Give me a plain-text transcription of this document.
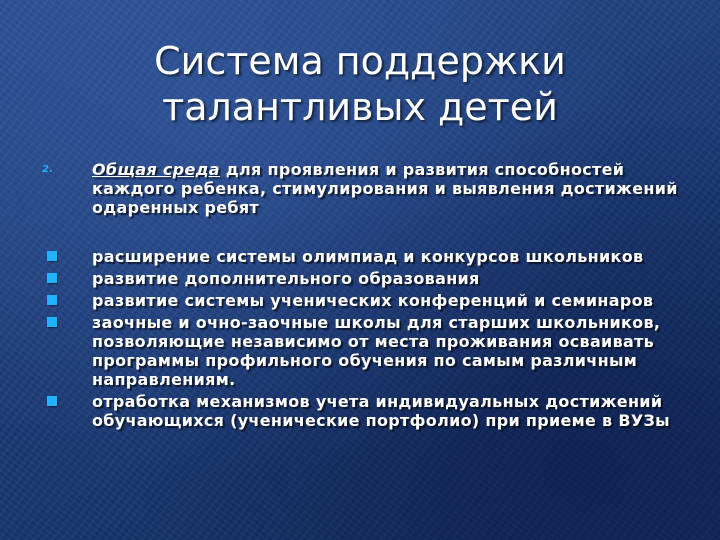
Система поддержки
талантливых детей
2. Общая среда для проявления и развития способностей каждого ребенка, стимулирования и выявления достижений одаренных ребят
расширение системы олимпиад и конкурсов школьников
развитие дополнительного образования
развитие системы ученических конференций и семинаров
заочные и очно-заочные школы для старших школьников, позволяющие независимо от места проживания осваивать программы профильного обучения по самым различным направлениям.
отработка механизмов учета индивидуальных достижений обучающихся (ученические портфолио) при приеме в ВУЗы
